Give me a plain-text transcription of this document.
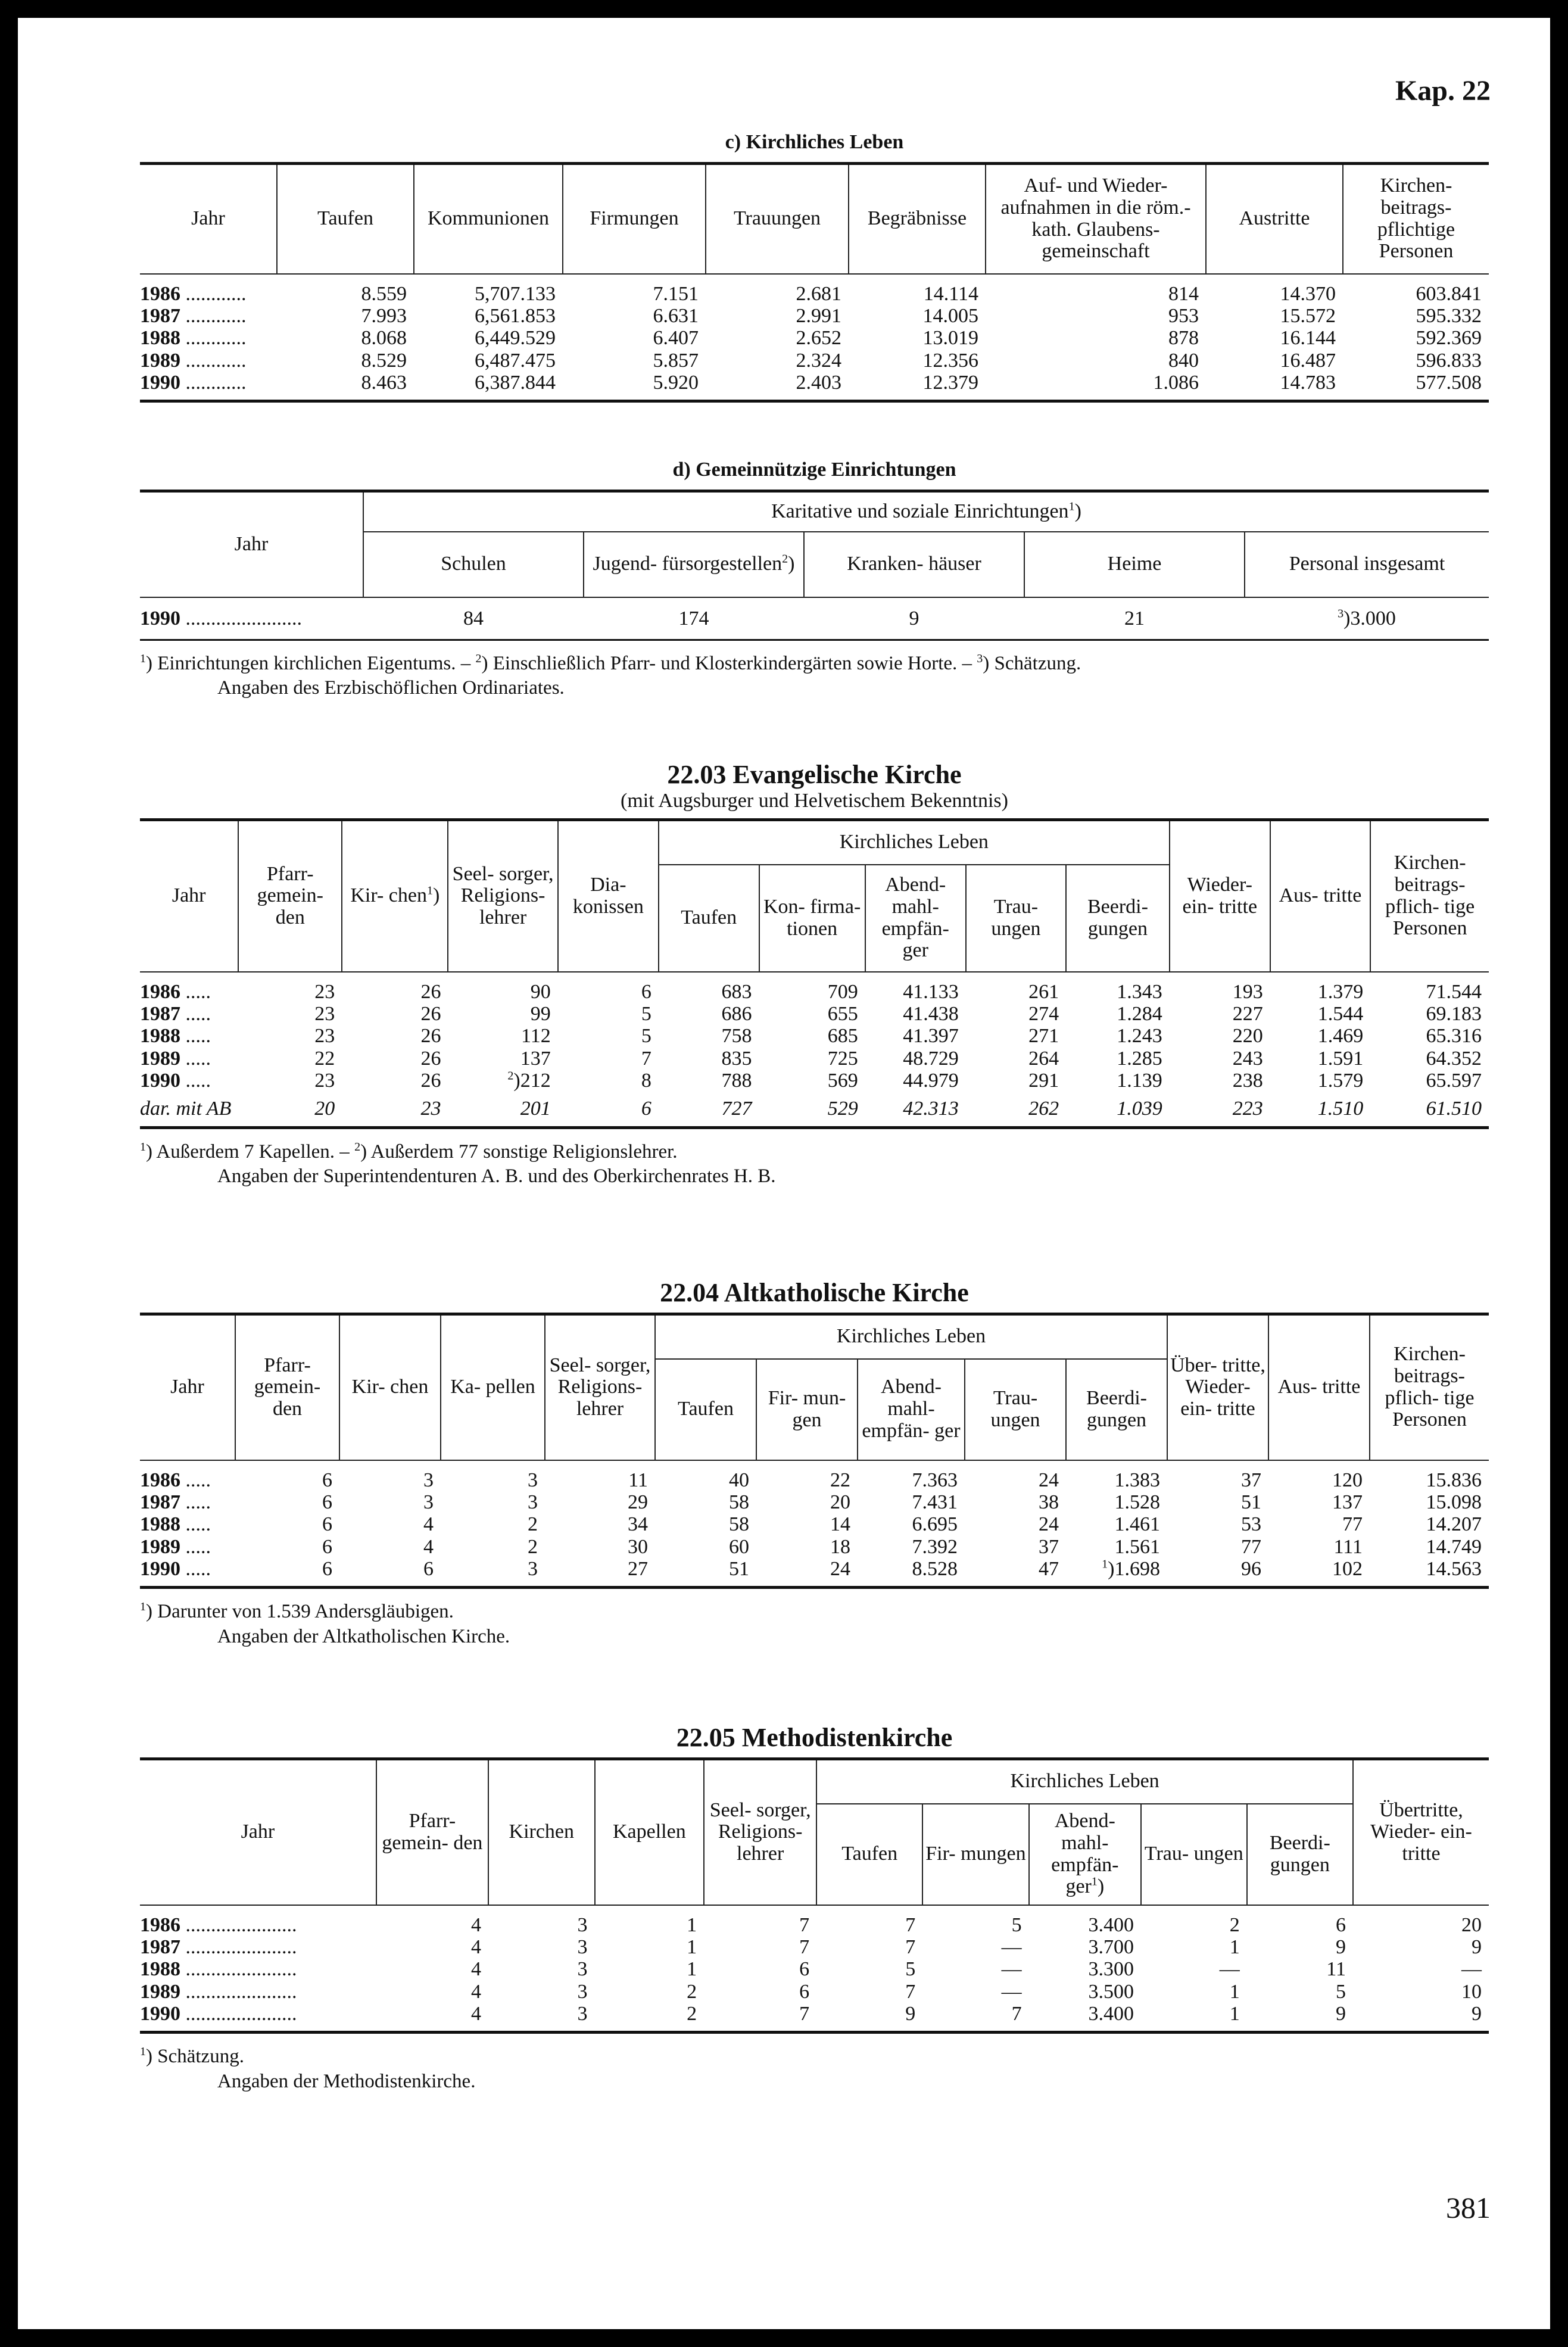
Kap. 22
c) Kirchliches Leben
Jahr	Taufen	Kommunionen	Firmungen	Trauungen	Begräbnisse	Auf- und Wieder- aufnahmen in die röm.-kath. Glaubens- gemeinschaft	Austritte	Kirchen- beitrags- pflichtige Personen

1986 ............	8.559	5,707.133	7.151	2.681	14.114	814	14.370	603.841
1987 ............	7.993	6,561.853	6.631	2.991	14.005	953	15.572	595.332
1988 ............	8.068	6,449.529	6.407	2.652	13.019	878	16.144	592.369
1989 ............	8.529	6,487.475	5.857	2.324	12.356	840	16.487	596.833
1990 ............	8.463	6,387.844	5.920	2.403	12.379	1.086	14.783	577.508
d) Gemeinnützige Einrichtungen
Jahr	Karitative und soziale Einrichtungen$^1$)				
	Schulen	Jugend- fürsorgestellen$^2$)	Kranken- häuser	Heime	Personal insgesamt
1990 .......................	84	174	9	21	$^3$)3.000
$^1$) Einrichtungen kirchlichen Eigentums. – $^2$) Einschließlich Pfarr- und Klosterkindergärten sowie Horte. – $^3$) Schätzung.
Angaben des Erzbischöflichen Ordinariates.
22.03 Evangelische Kirche
(mit Augsburger und Helvetischem Bekenntnis)
Jahr	Pfarr- gemein- den	Kir- chen$^1$)	Seel- sorger, Religions- lehrer	Dia- konissen	Kirchliches Leben					Wieder- ein- tritte	Aus- tritte	Kirchen- beitrags- pflich- tige Personen
					Taufen	Kon- firma- tionen	Abend- mahl- empfän- ger	Trau- ungen	Beerdi- gungen			

1986 .....	23	26	90	6	683	709	41.133	261	1.343	193	1.379	71.544
1987 .....	23	26	99	5	686	655	41.438	274	1.284	227	1.544	69.183
1988 .....	23	26	112	5	758	685	41.397	271	1.243	220	1.469	65.316
1989 .....	22	26	137	7	835	725	48.729	264	1.285	243	1.591	64.352
1990 .....	23	26	$^2$)212	8	788	569	44.979	291	1.139	238	1.579	65.597
dar. mit AB	20	23	201	6	727	529	42.313	262	1.039	223	1.510	61.510
$^1$) Außerdem 7 Kapellen. – $^2$) Außerdem 77 sonstige Religionslehrer.
Angaben der Superintendenturen A. B. und des Oberkirchenrates H. B.
22.04 Altkatholische Kirche
Jahr	Pfarr- gemein- den	Kir- chen	Ka- pellen	Seel- sorger, Religions- lehrer	Kirchliches Leben					Über- tritte, Wieder- ein- tritte	Aus- tritte	Kirchen- beitrags- pflich- tige Personen
					Taufen	Fir- mun- gen	Abend- mahl- empfän- ger	Trau- ungen	Beerdi- gungen			

1986 .....	6	3	3	11	40	22	7.363	24	1.383	37	120	15.836
1987 .....	6	3	3	29	58	20	7.431	38	1.528	51	137	15.098
1988 .....	6	4	2	34	58	14	6.695	24	1.461	53	77	14.207
1989 .....	6	4	2	30	60	18	7.392	37	1.561	77	111	14.749
1990 .....	6	6	3	27	51	24	8.528	47	$^1$)1.698	96	102	14.563
$^1$) Darunter von 1.539 Andersgläubigen.
Angaben der Altkatholischen Kirche.
22.05 Methodistenkirche
Jahr	Pfarr- gemein- den	Kirchen	Kapellen	Seel- sorger, Religions- lehrer	Kirchliches Leben					Übertritte, Wieder- ein- tritte
					Taufen	Fir- mungen	Abend- mahl- empfän- ger$^1$)	Trau- ungen	Beerdi- gungen	

1986 ......................	4	3	1	7	7	5	3.400	2	6	20
1987 ......................	4	3	1	7	7	—	3.700	1	9	9
1988 ......................	4	3	1	6	5	—	3.300	—	11	—
1989 ......................	4	3	2	6	7	—	3.500	1	5	10
1990 ......................	4	3	2	7	9	7	3.400	1	9	9
$^1$) Schätzung.
Angaben der Methodistenkirche.
381
